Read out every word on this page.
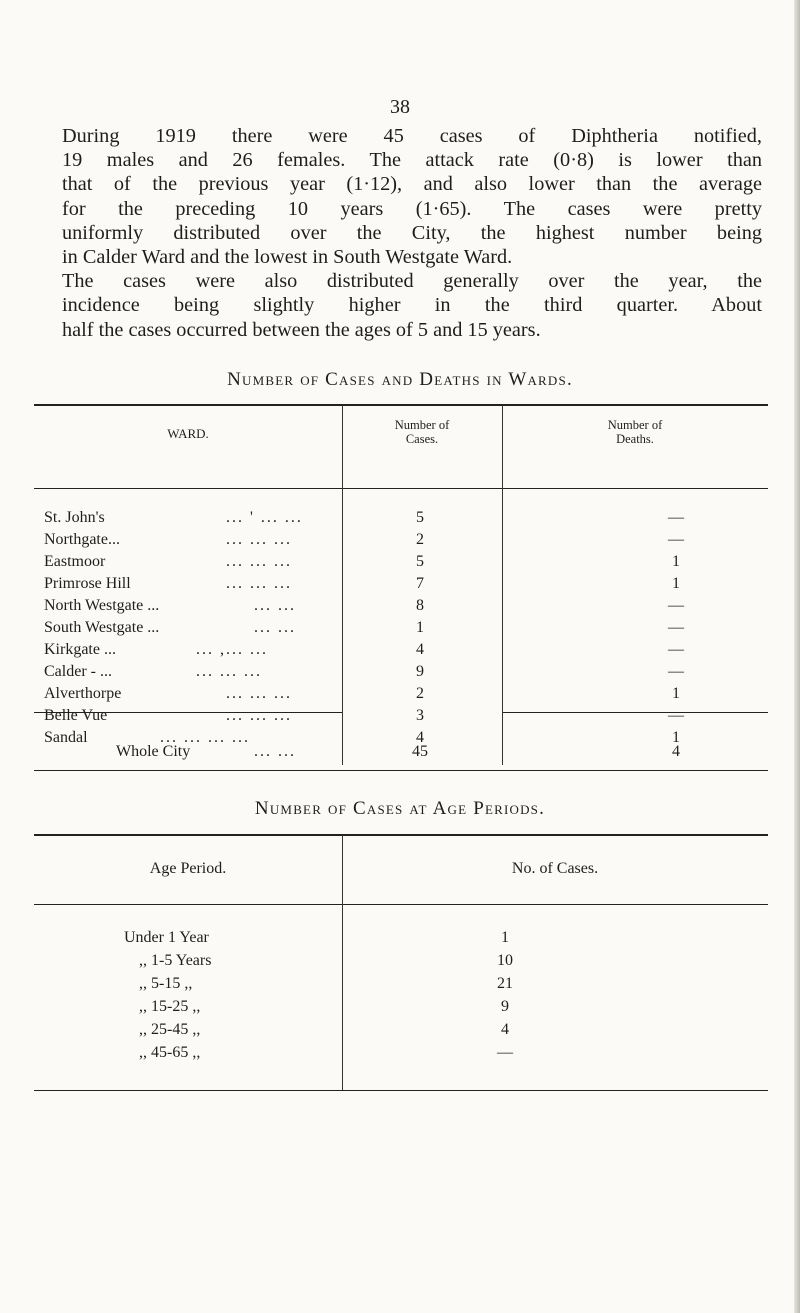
38
During 1919 there were 45 cases of Diphtheria notified,
19 males and 26 females. The attack rate (0·8) is lower than
that of the previous year (1·12), and also lower than the average
for the preceding 10 years (1·65). The cases were pretty
uniformly distributed over the City, the highest number being
in Calder Ward and the lowest in South Westgate Ward.
The cases were also distributed generally over the year, the
incidence being slightly higher in the third quarter. About
half the cases occurred between the ages of 5 and 15 years.
Number of Cases and Deaths in Wards.
WARD.
Number of
Cases.
Number of
Deaths.
St. John's	... ' ... ...	5	—
Northgate...	... ... ...	2	—
Eastmoor	... ... ...	5	1
Primrose Hill	... ... ...	7	1
North Westgate ...	... ...	8	—
South Westgate ...	... ...	1	—
Kirkgate ...	... ,... ...	4	—
Calder - ...	... ... ...	9	—
Alverthorpe	... ... ...	2	1
Belle Vue	... ... ...	3	—
Sandal	... ... ... ...	4	1
Whole City	... ...	45	4
Number of Cases at Age Periods.
Age Period.	No. of Cases.
Under 1 Year	1
,, 1-5 Years	10
,, 5-15 ,,	21
,, 15-25 ,,	9
,, 25-45 ,,	4
,, 45-65 ,,	—
